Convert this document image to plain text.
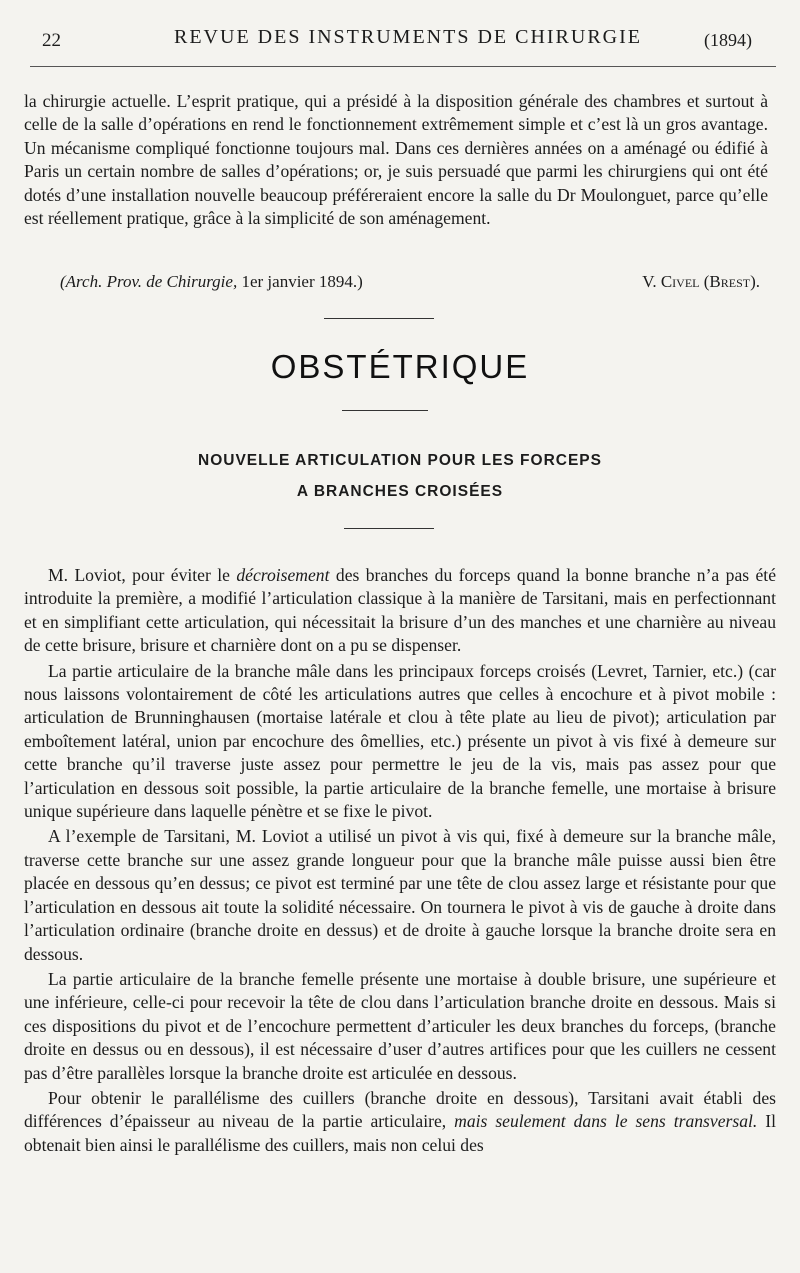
22	REVUE DES INSTRUMENTS DE CHIRURGIE	(1894)

la chirurgie actuelle. L’esprit pratique, qui a présidé à la disposition générale des chambres et surtout à celle de la salle d’opérations en rend le fonctionnement extrêmement simple et c’est là un gros avantage. Un mécanisme compliqué fonctionne toujours mal. Dans ces dernières années on a aménagé ou édifié à Paris un certain nombre de salles d’opérations; or, je suis persuadé que parmi les chirurgiens qui ont été dotés d’une installation nouvelle beaucoup préféreraient encore la salle du Dr Moulonguet, parce qu’elle est réellement pratique, grâce à la simplicité de son aménagement.

(Arch. Prov. de Chirurgie, 1er janvier 1894.)	V. Civel (Brest).
OBSTÉTRIQUE
NOUVELLE ARTICULATION POUR LES FORCEPS
A BRANCHES CROISÉES

M. Loviot, pour éviter le décroisement des branches du forceps quand la bonne branche n’a pas été introduite la première, a modifié l’articulation classique à la manière de Tarsitani, mais en perfectionnant et en simplifiant cette articulation, qui nécessitait la brisure d’un des manches et une charnière au niveau de cette brisure, brisure et charnière dont on a pu se dispenser.

La partie articulaire de la branche mâle dans les principaux forceps croisés (Levret, Tarnier, etc.) (car nous laissons volontairement de côté les articulations autres que celles à encochure et à pivot mobile : articulation de Brunninghausen (mortaise latérale et clou à tête plate au lieu de pivot); articulation par emboîtement latéral, union par encochure des ômellies, etc.) présente un pivot à vis fixé à demeure sur cette branche qu’il traverse juste assez pour permettre le jeu de la vis, mais pas assez pour que l’articulation en dessous soit possible, la partie articulaire de la branche femelle, une mortaise à brisure unique supérieure dans laquelle pénètre et se fixe le pivot.

A l’exemple de Tarsitani, M. Loviot a utilisé un pivot à vis qui, fixé à demeure sur la branche mâle, traverse cette branche sur une assez grande longueur pour que la branche mâle puisse aussi bien être placée en dessous qu’en dessus; ce pivot est terminé par une tête de clou assez large et résistante pour que l’articulation en dessous ait toute la solidité nécessaire. On tournera le pivot à vis de gauche à droite dans l’articulation ordinaire (branche droite en dessus) et de droite à gauche lorsque la branche droite sera en dessous.

La partie articulaire de la branche femelle présente une mortaise à double brisure, une supérieure et une inférieure, celle-ci pour recevoir la tête de clou dans l’articulation branche droite en dessous. Mais si ces dispositions du pivot et de l’encochure permettent d’articuler les deux branches du forceps, (branche droite en dessus ou en dessous), il est nécessaire d’user d’autres artifices pour que les cuillers ne cessent pas d’être parallèles lorsque la branche droite est articulée en dessous.

Pour obtenir le parallélisme des cuillers (branche droite en dessous), Tarsitani avait établi des différences d’épaisseur au niveau de la partie articulaire, mais seulement dans le sens transversal. Il obtenait bien ainsi le parallélisme des cuillers, mais non celui des
